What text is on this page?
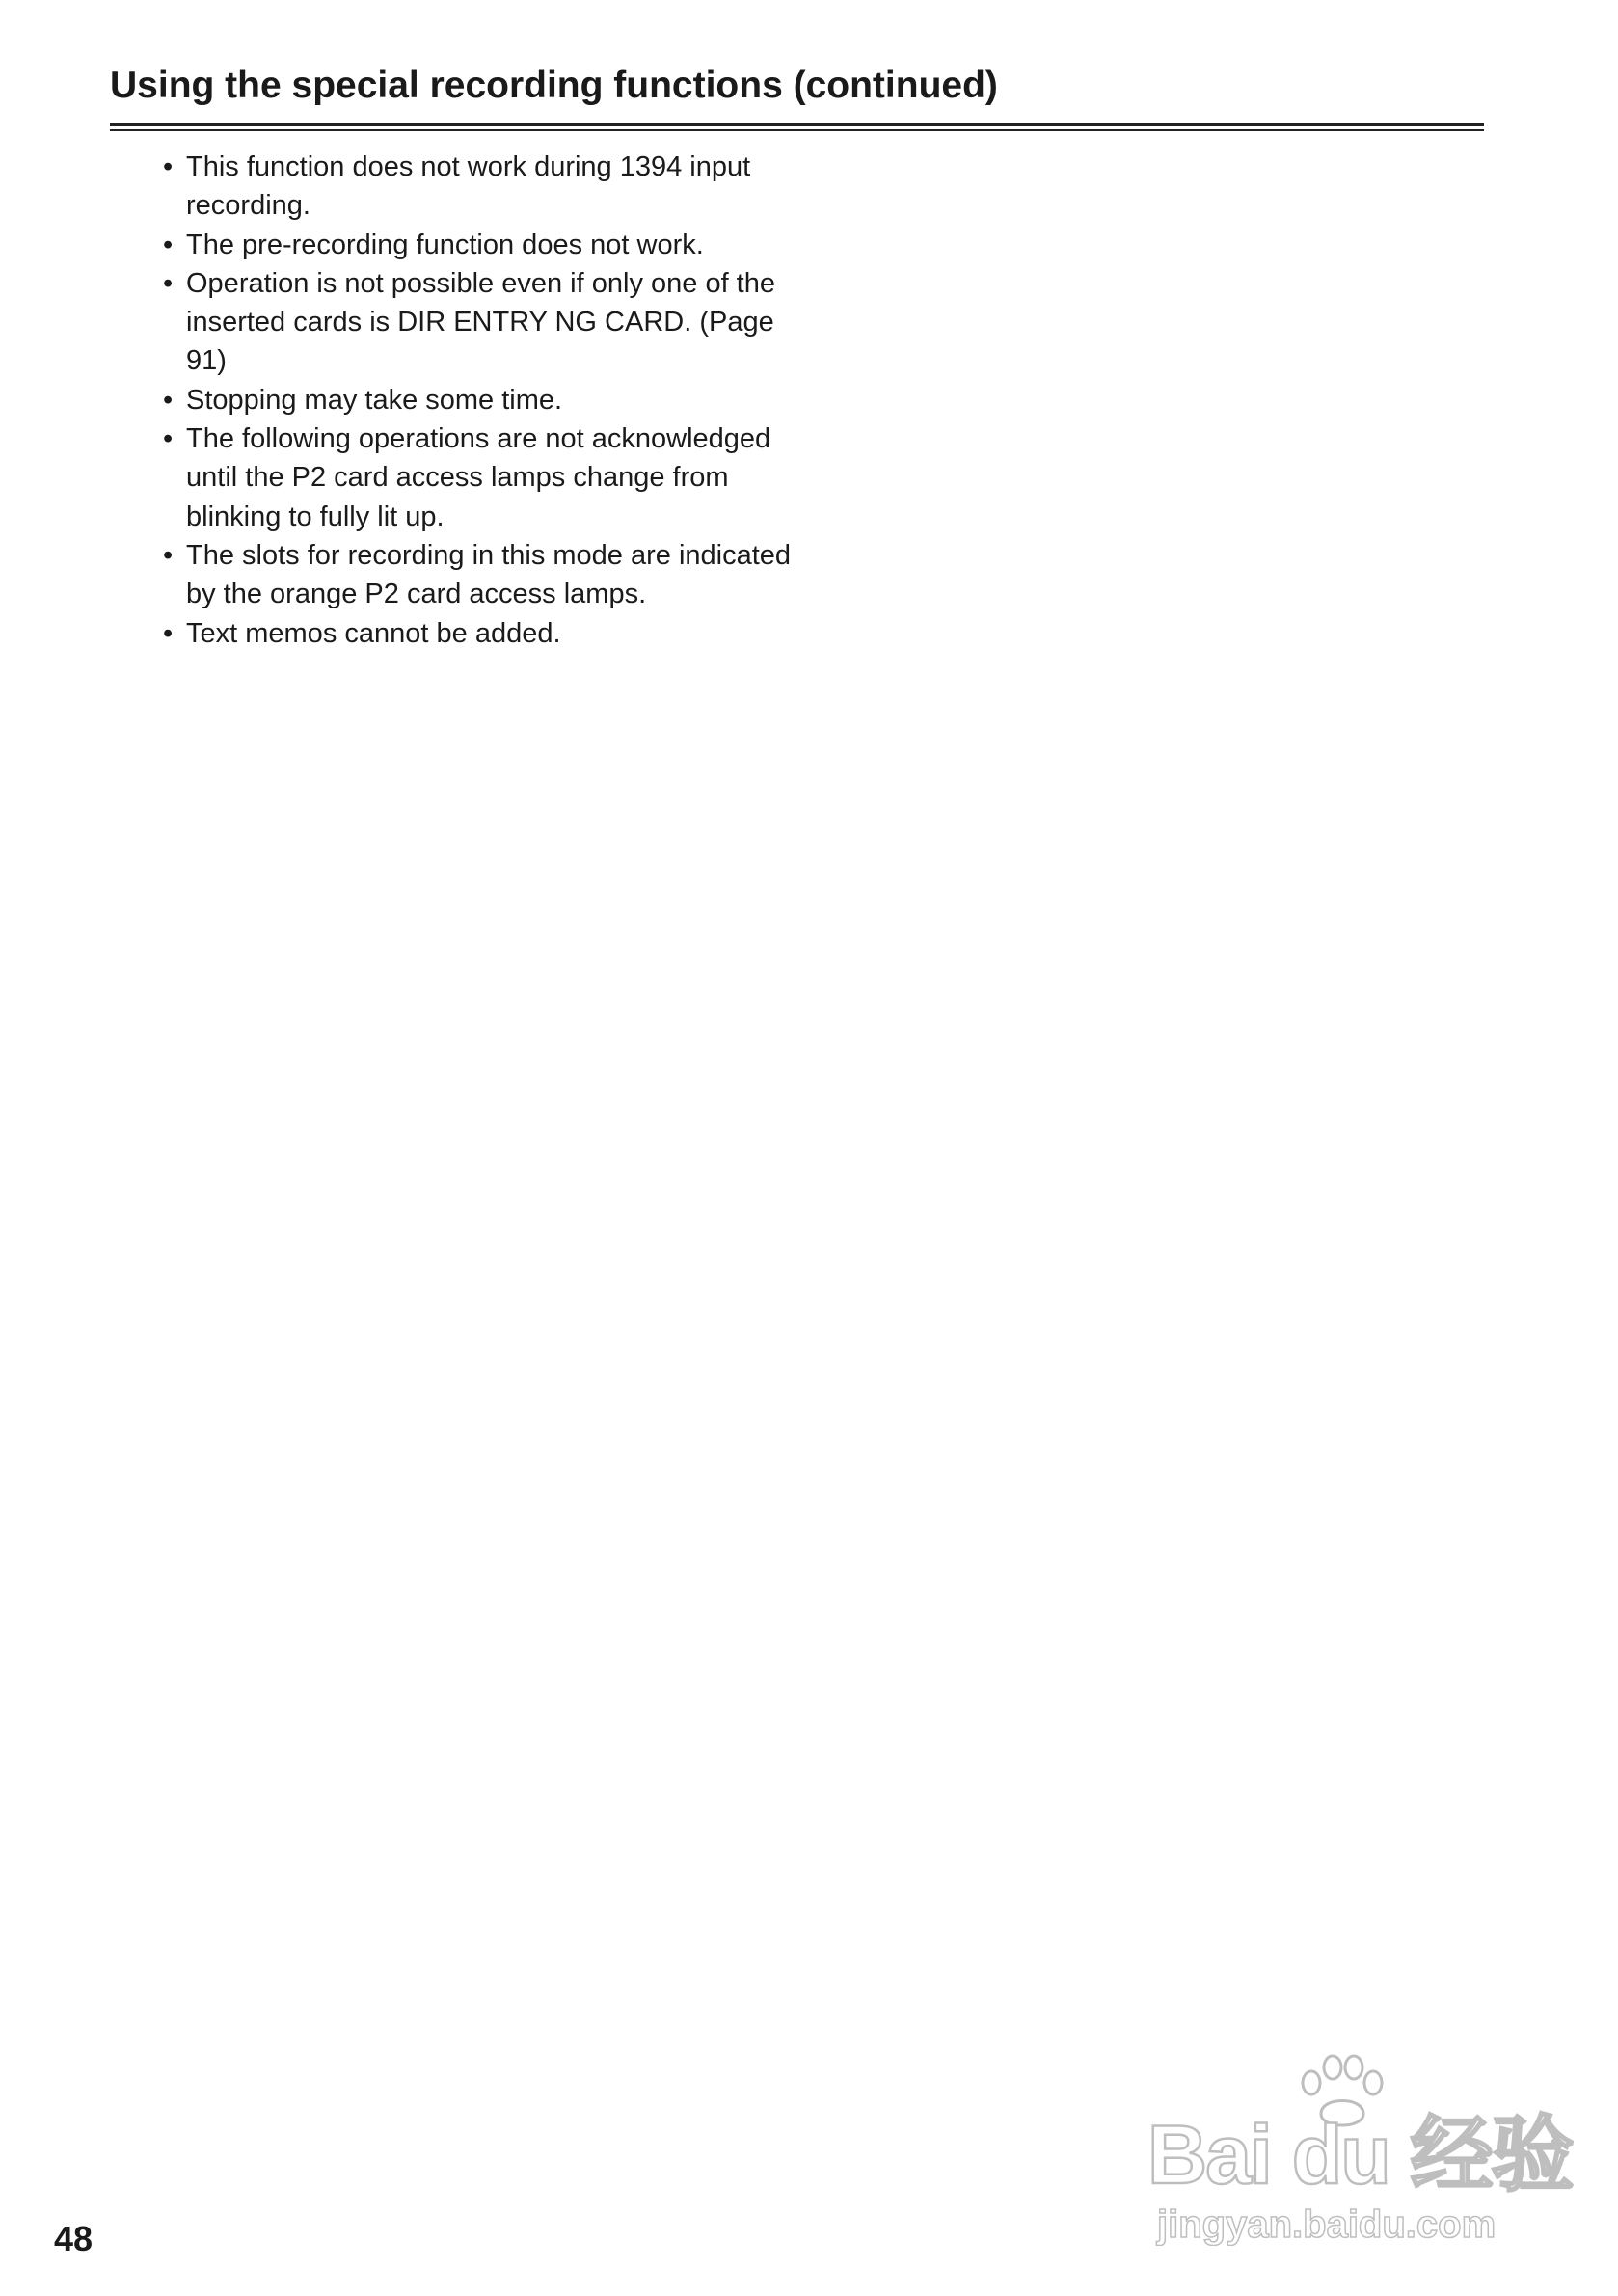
Using the special recording functions (continued)
• This function does not work during 1394 input recording.
• The pre-recording function does not work.
• Operation is not possible even if only one of the inserted cards is DIR ENTRY NG CARD. (Page 91)
• Stopping may take some time.
• The following operations are not acknowledged until the P2 card access lamps change from blinking to fully lit up.
• The slots for recording in this mode are indicated by the orange P2 card access lamps.
• Text memos cannot be added.
48
Bai du 经验
jingyan.baidu.com
